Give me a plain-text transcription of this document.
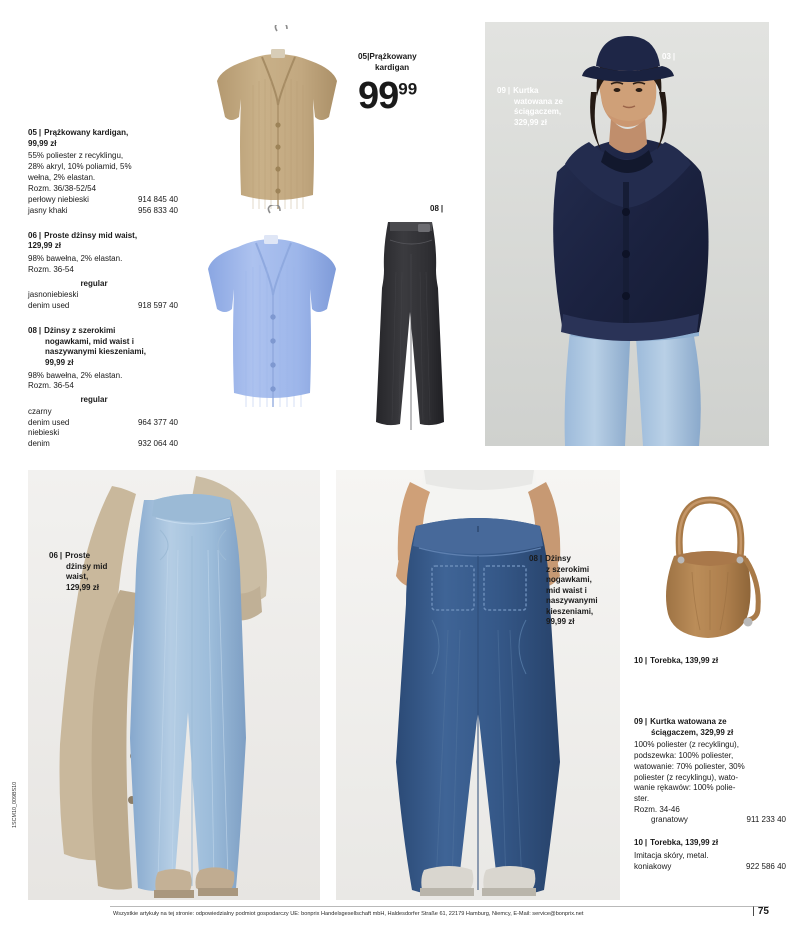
03 |
09 | Kurtka
watowana ze
ściągaczem,
329,99 zł
05|Prążkowany
kardigan
$99^{99}$
08 |
05 | Prążkowany kardigan,
99,99 zł
55% poliester z recyklingu,
28% akryl, 10% poliamid, 5%
wełna, 2% elastan.
Rozm. 36/38-52/54
perłowy niebieski	914 845 40
jasny khaki	956 833 40
06 | Proste dżinsy mid waist,
129,99 zł
98% bawełna, 2% elastan.
Rozm. 36-54
regular
jasnoniebieski
denim used	918 597 40
08 | Dżinsy z szerokimi
nogawkami, mid waist i
naszywanymi kieszeniami,
99,99 zł
98% bawełna, 2% elastan.
Rozm. 36-54
regular
czarny
denim used	964 377 40
niebieski
denim	932 064 40
06 | Proste
dżinsy mid
waist,
129,99 zł
08 | Dżinsy
z szerokimi
nogawkami,
mid waist i
naszywanymi
kieszeniami,
99,99 zł
10 | Torebka, 139,99 zł
09 | Kurtka watowana ze
ściągaczem, 329,99 zł
100% poliester (z recyklingu),
podszewka: 100% poliester,
watowanie: 70% poliester, 30%
poliester (z recyklingu), wato-
wanie rękawów: 100% polie-
ster.
Rozm. 34-46
granatowy	911 233 40
10 | Torebka, 139,99 zł
Imitacja skóry, metal.
koniakowy	922 586 40
Wszystkie artykuły na tej stronie: odpowiedzialny podmiot gospodarczy UE: bonprix Handelsgesellschaft mbH, Haldesdorfer Straße 61, 22179 Hamburg, Niemcy, E-Mail: service@bonprix.net	| 75
1SCM10_009BS10
